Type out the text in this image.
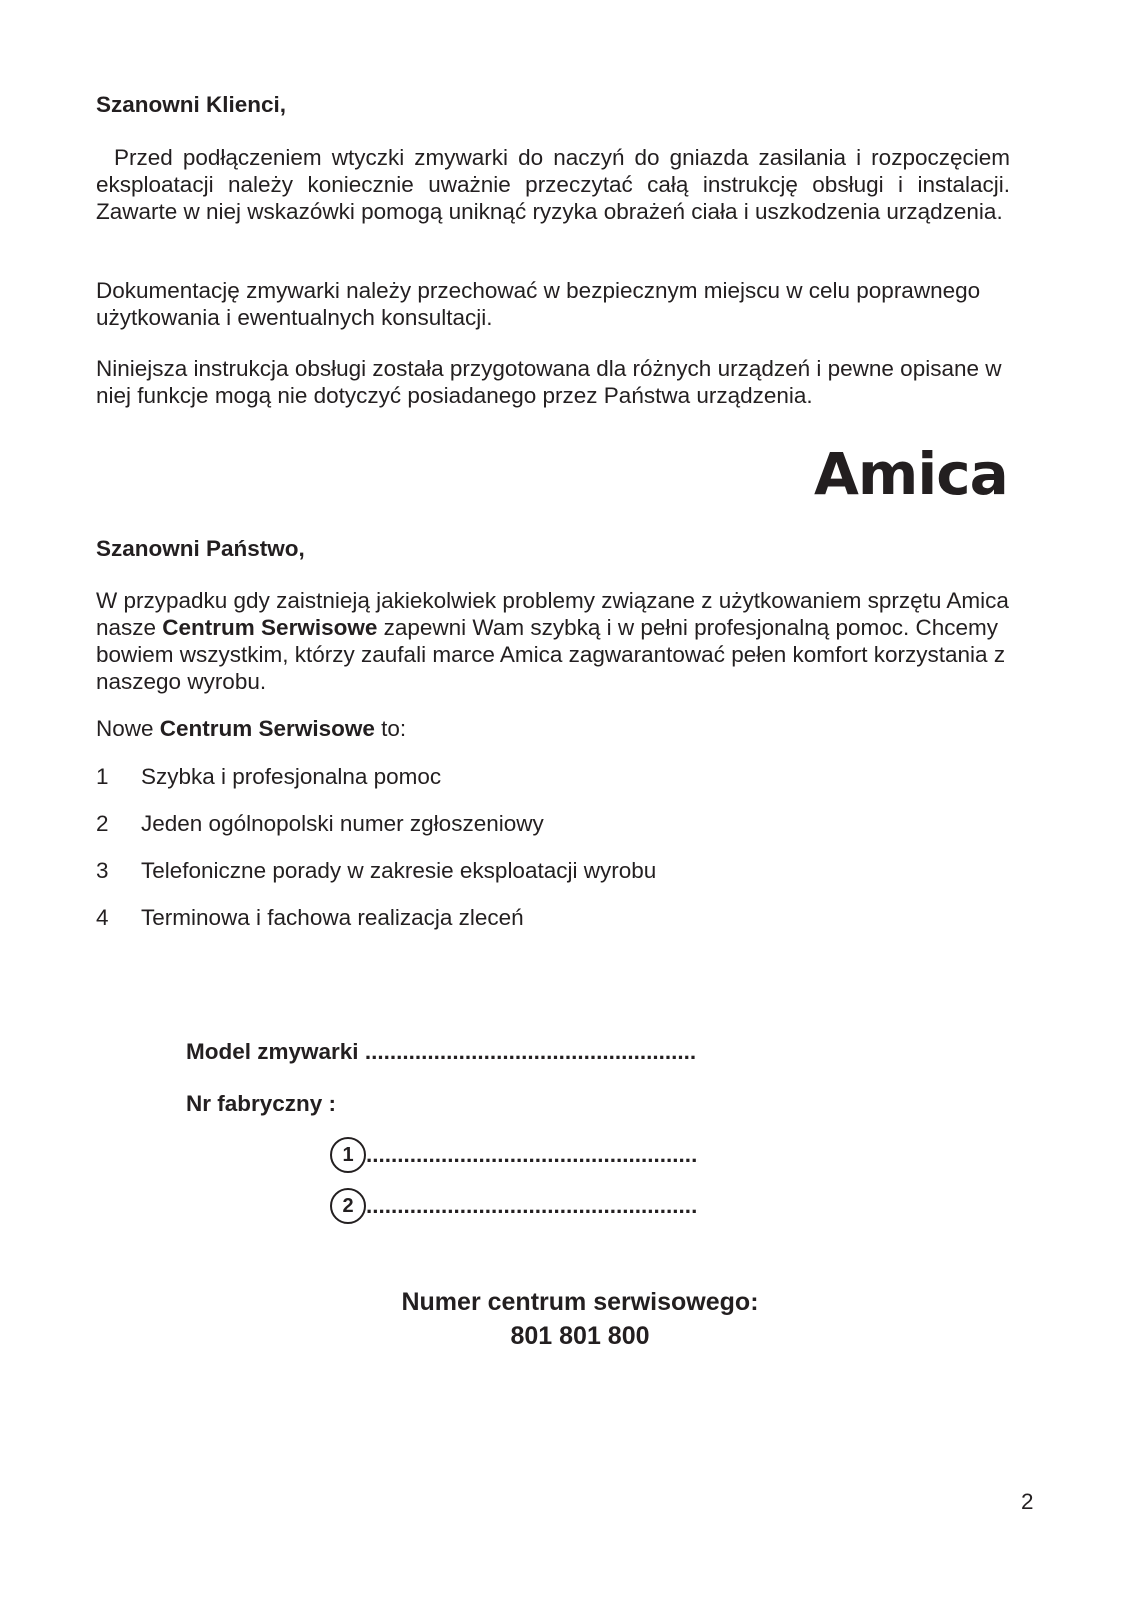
Szanowni Klienci,
Przed podłączeniem wtyczki zmywarki do naczyń do gniazda zasilania i rozpoczęciem eksploatacji należy koniecznie uważnie przeczytać całą instrukcję obsługi i instalacji. Zawarte w niej wskazówki pomogą uniknąć ryzyka obrażeń ciała i uszkodzenia urządzenia.
Dokumentację zmywarki należy przechować w bezpiecznym miejscu w celu poprawnego użytkowania i ewentualnych konsultacji.
Niniejsza instrukcja obsługi została przygotowana dla różnych urządzeń i pewne opisane w niej funkcje mogą nie dotyczyć posiadanego przez Państwa urządzenia.
Amica
Szanowni Państwo,
W przypadku gdy zaistnieją jakiekolwiek problemy związane z użytkowaniem sprzętu Amica nasze Centrum Serwisowe zapewni Wam szybką i w pełni profesjonalną pomoc. Chcemy bowiem wszystkim, którzy zaufali marce Amica zagwarantować pełen komfort korzystania z naszego wyrobu.
Nowe Centrum Serwisowe to:
1 Szybka i profesjonalna pomoc
2 Jeden ogólnopolski numer zgłoszeniowy
3 Telefoniczne porady w zakresie eksploatacji wyrobu
4 Terminowa i fachowa realizacja zleceń
Model zmywarki .....................................................
Nr fabryczny :
1 .....................................................
2 .....................................................
Numer centrum serwisowego:
801 801 800
2
